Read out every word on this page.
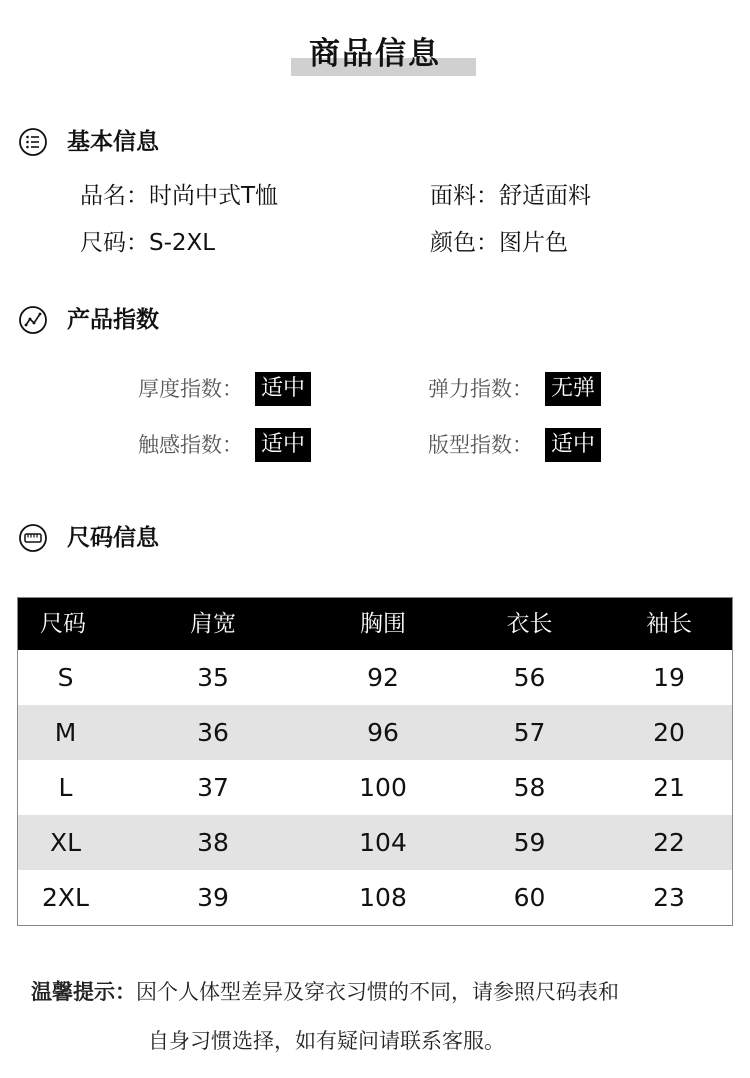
商品信息
基本信息
品名：时尚中式T恤	面料：舒适面料
尺码：S-2XL	颜色：图片色
产品指数
厚度指数： 适中	弹力指数： 无弹
触感指数： 适中	版型指数： 适中
尺码信息
尺码	肩宽	胸围	衣长	袖长
S	35	92	56	19
M	36	96	57	20
L	37	100	58	21
XL	38	104	59	22
2XL	39	108	60	23
温馨提示：因个人体型差异及穿衣习惯的不同，请参照尺码表和
自身习惯选择，如有疑问请联系客服。
